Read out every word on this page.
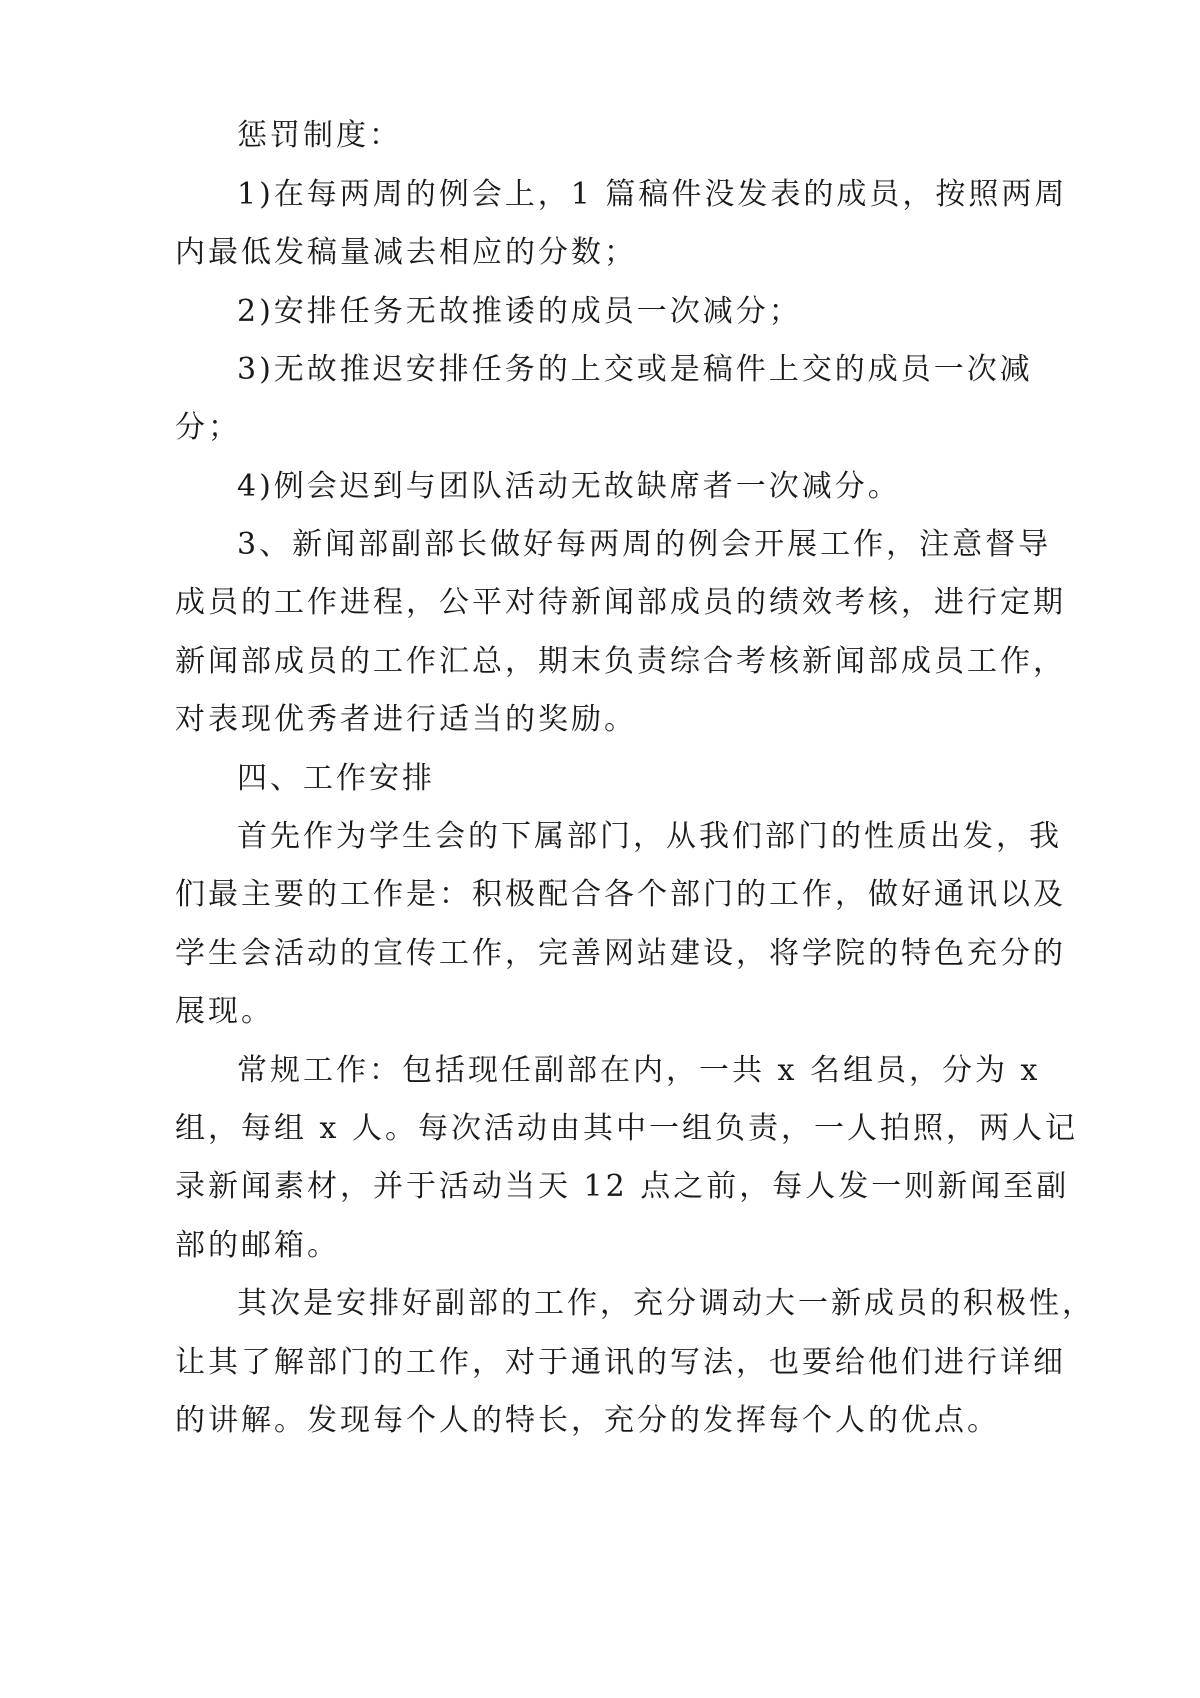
惩罚制度：
1)在每两周的例会上，1 篇稿件没发表的成员，按照两周
内最低发稿量减去相应的分数；
2)安排任务无故推诿的成员一次减分；
3)无故推迟安排任务的上交或是稿件上交的成员一次减
分；
4)例会迟到与团队活动无故缺席者一次减分。
3、新闻部副部长做好每两周的例会开展工作，注意督导
成员的工作进程，公平对待新闻部成员的绩效考核，进行定期
新闻部成员的工作汇总，期末负责综合考核新闻部成员工作，
对表现优秀者进行适当的奖励。
四、工作安排
首先作为学生会的下属部门，从我们部门的性质出发，我
们最主要的工作是：积极配合各个部门的工作，做好通讯以及
学生会活动的宣传工作，完善网站建设，将学院的特色充分的
展现。
常规工作：包括现任副部在内，一共 x 名组员，分为 x
组，每组 x 人。每次活动由其中一组负责，一人拍照，两人记
录新闻素材，并于活动当天 12 点之前，每人发一则新闻至副
部的邮箱。
其次是安排好副部的工作，充分调动大一新成员的积极性，
让其了解部门的工作，对于通讯的写法，也要给他们进行详细
的讲解。发现每个人的特长，充分的发挥每个人的优点。
